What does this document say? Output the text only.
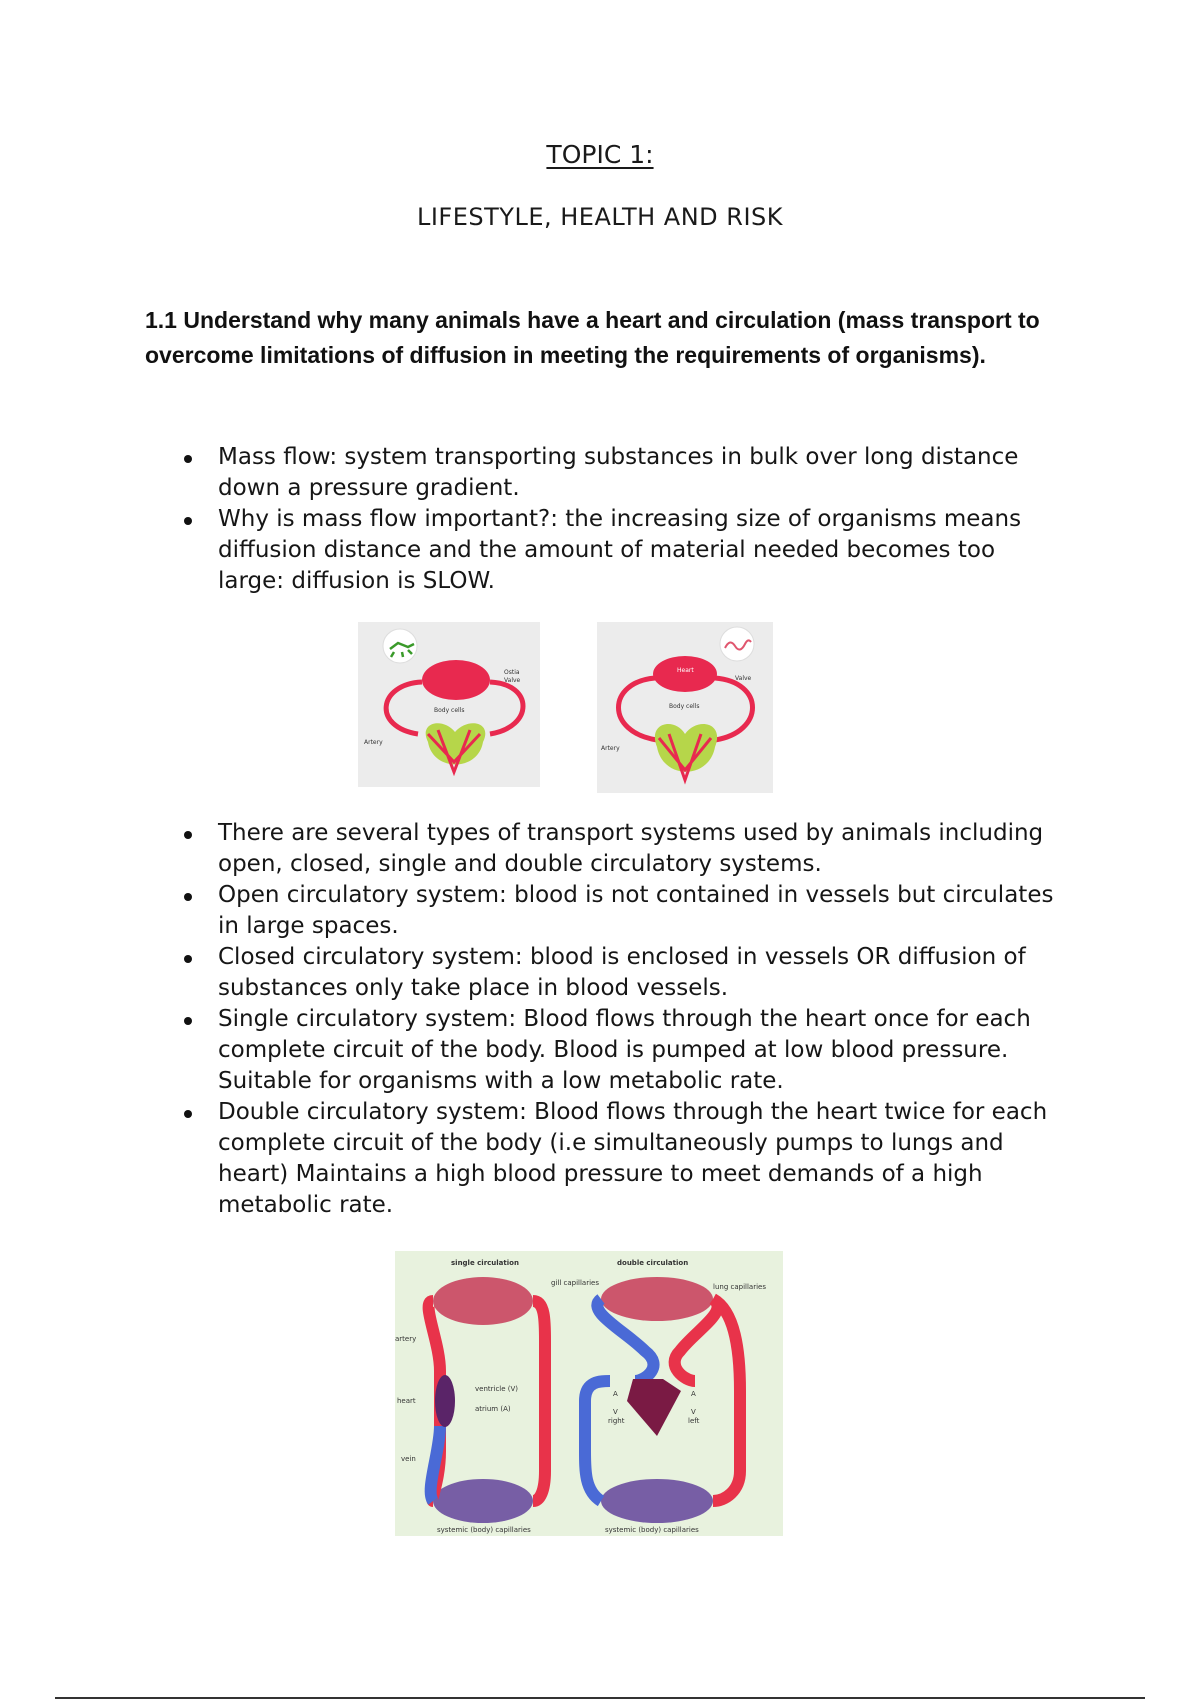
TOPIC 1:
LIFESTYLE, HEALTH AND RISK
1.1 Understand why many animals have a heart and circulation (mass transport to overcome limitations of diffusion in meeting the requirements of organisms).
Mass flow: system transporting substances in bulk over long distance down a pressure gradient.
Why is mass flow important?: the increasing size of organisms means diffusion distance and the amount of material needed becomes too large: diffusion is SLOW.
Ostia
Valve
Body cells
Artery
Heart
Valve
Body cells
Artery
There are several types of transport systems used by animals including open, closed, single and double circulatory systems.
Open circulatory system: blood is not contained in vessels but circulates in large spaces.
Closed circulatory system: blood is enclosed in vessels OR diffusion of substances only take place in blood vessels.
Single circulatory system: Blood flows through the heart once for each complete circuit of the body. Blood is pumped at low blood pressure. Suitable for organisms with a low metabolic rate.
Double circulatory system: Blood flows through the heart twice for each complete circuit of the body (i.e simultaneously pumps to lungs and heart) Maintains a high blood pressure to meet demands of a high metabolic rate.
single circulation	double circulation
gill capillaries	lung capillaries
artery
heart
vein
ventricle (V)
atrium (A)
A
V
right
A
V
left
systemic (body) capillaries	systemic (body) capillaries
